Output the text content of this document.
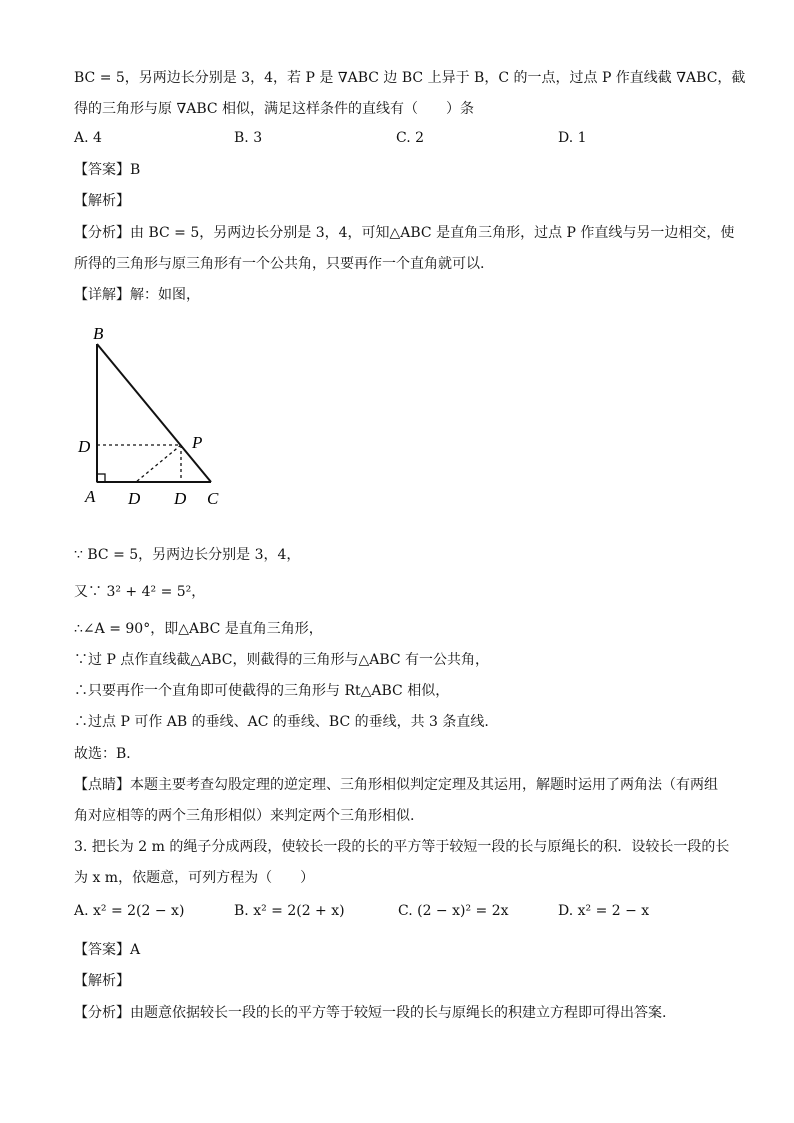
BC = 5，另两边长分别是 3，4，若 P 是 ∇ABC 边 BC 上异于 B，C 的一点，过点 P 作直线截 ∇ABC，截
得的三角形与原 ∇ABC 相似，满足这样条件的直线有（　　）条
A. 4	B. 3	C. 2	D. 1
【答案】B
【解析】
【分析】由 BC = 5，另两边长分别是 3，4，可知△ABC 是直角三角形，过点 P 作直线与另一边相交，使
所得的三角形与原三角形有一个公共角，只要再作一个直角就可以.
【详解】解：如图，
B
D	P
A D D C
∵ BC = 5，另两边长分别是 3，4，
又∵ 3² + 4² = 5²，
∴∠A = 90°，即△ABC 是直角三角形，
∵过 P 点作直线截△ABC，则截得的三角形与△ABC 有一公共角，
∴只要再作一个直角即可使截得的三角形与 Rt△ABC 相似，
∴过点 P 可作 AB 的垂线、AC 的垂线、BC 的垂线，共 3 条直线.
故选：B．
【点睛】本题主要考查勾股定理的逆定理、三角形相似判定定理及其运用，解题时运用了两角法（有两组
角对应相等的两个三角形相似）来判定两个三角形相似.
3. 把长为 2 m 的绳子分成两段，使较长一段的长的平方等于较短一段的长与原绳长的积．设较长一段的长
为 x m，依题意，可列方程为（　　）
A. x² = 2(2 − x)	B. x² = 2(2 + x)	C. (2 − x)² = 2x	D. x² = 2 − x
【答案】A
【解析】
【分析】由题意依据较长一段的长的平方等于较短一段的长与原绳长的积建立方程即可得出答案.
